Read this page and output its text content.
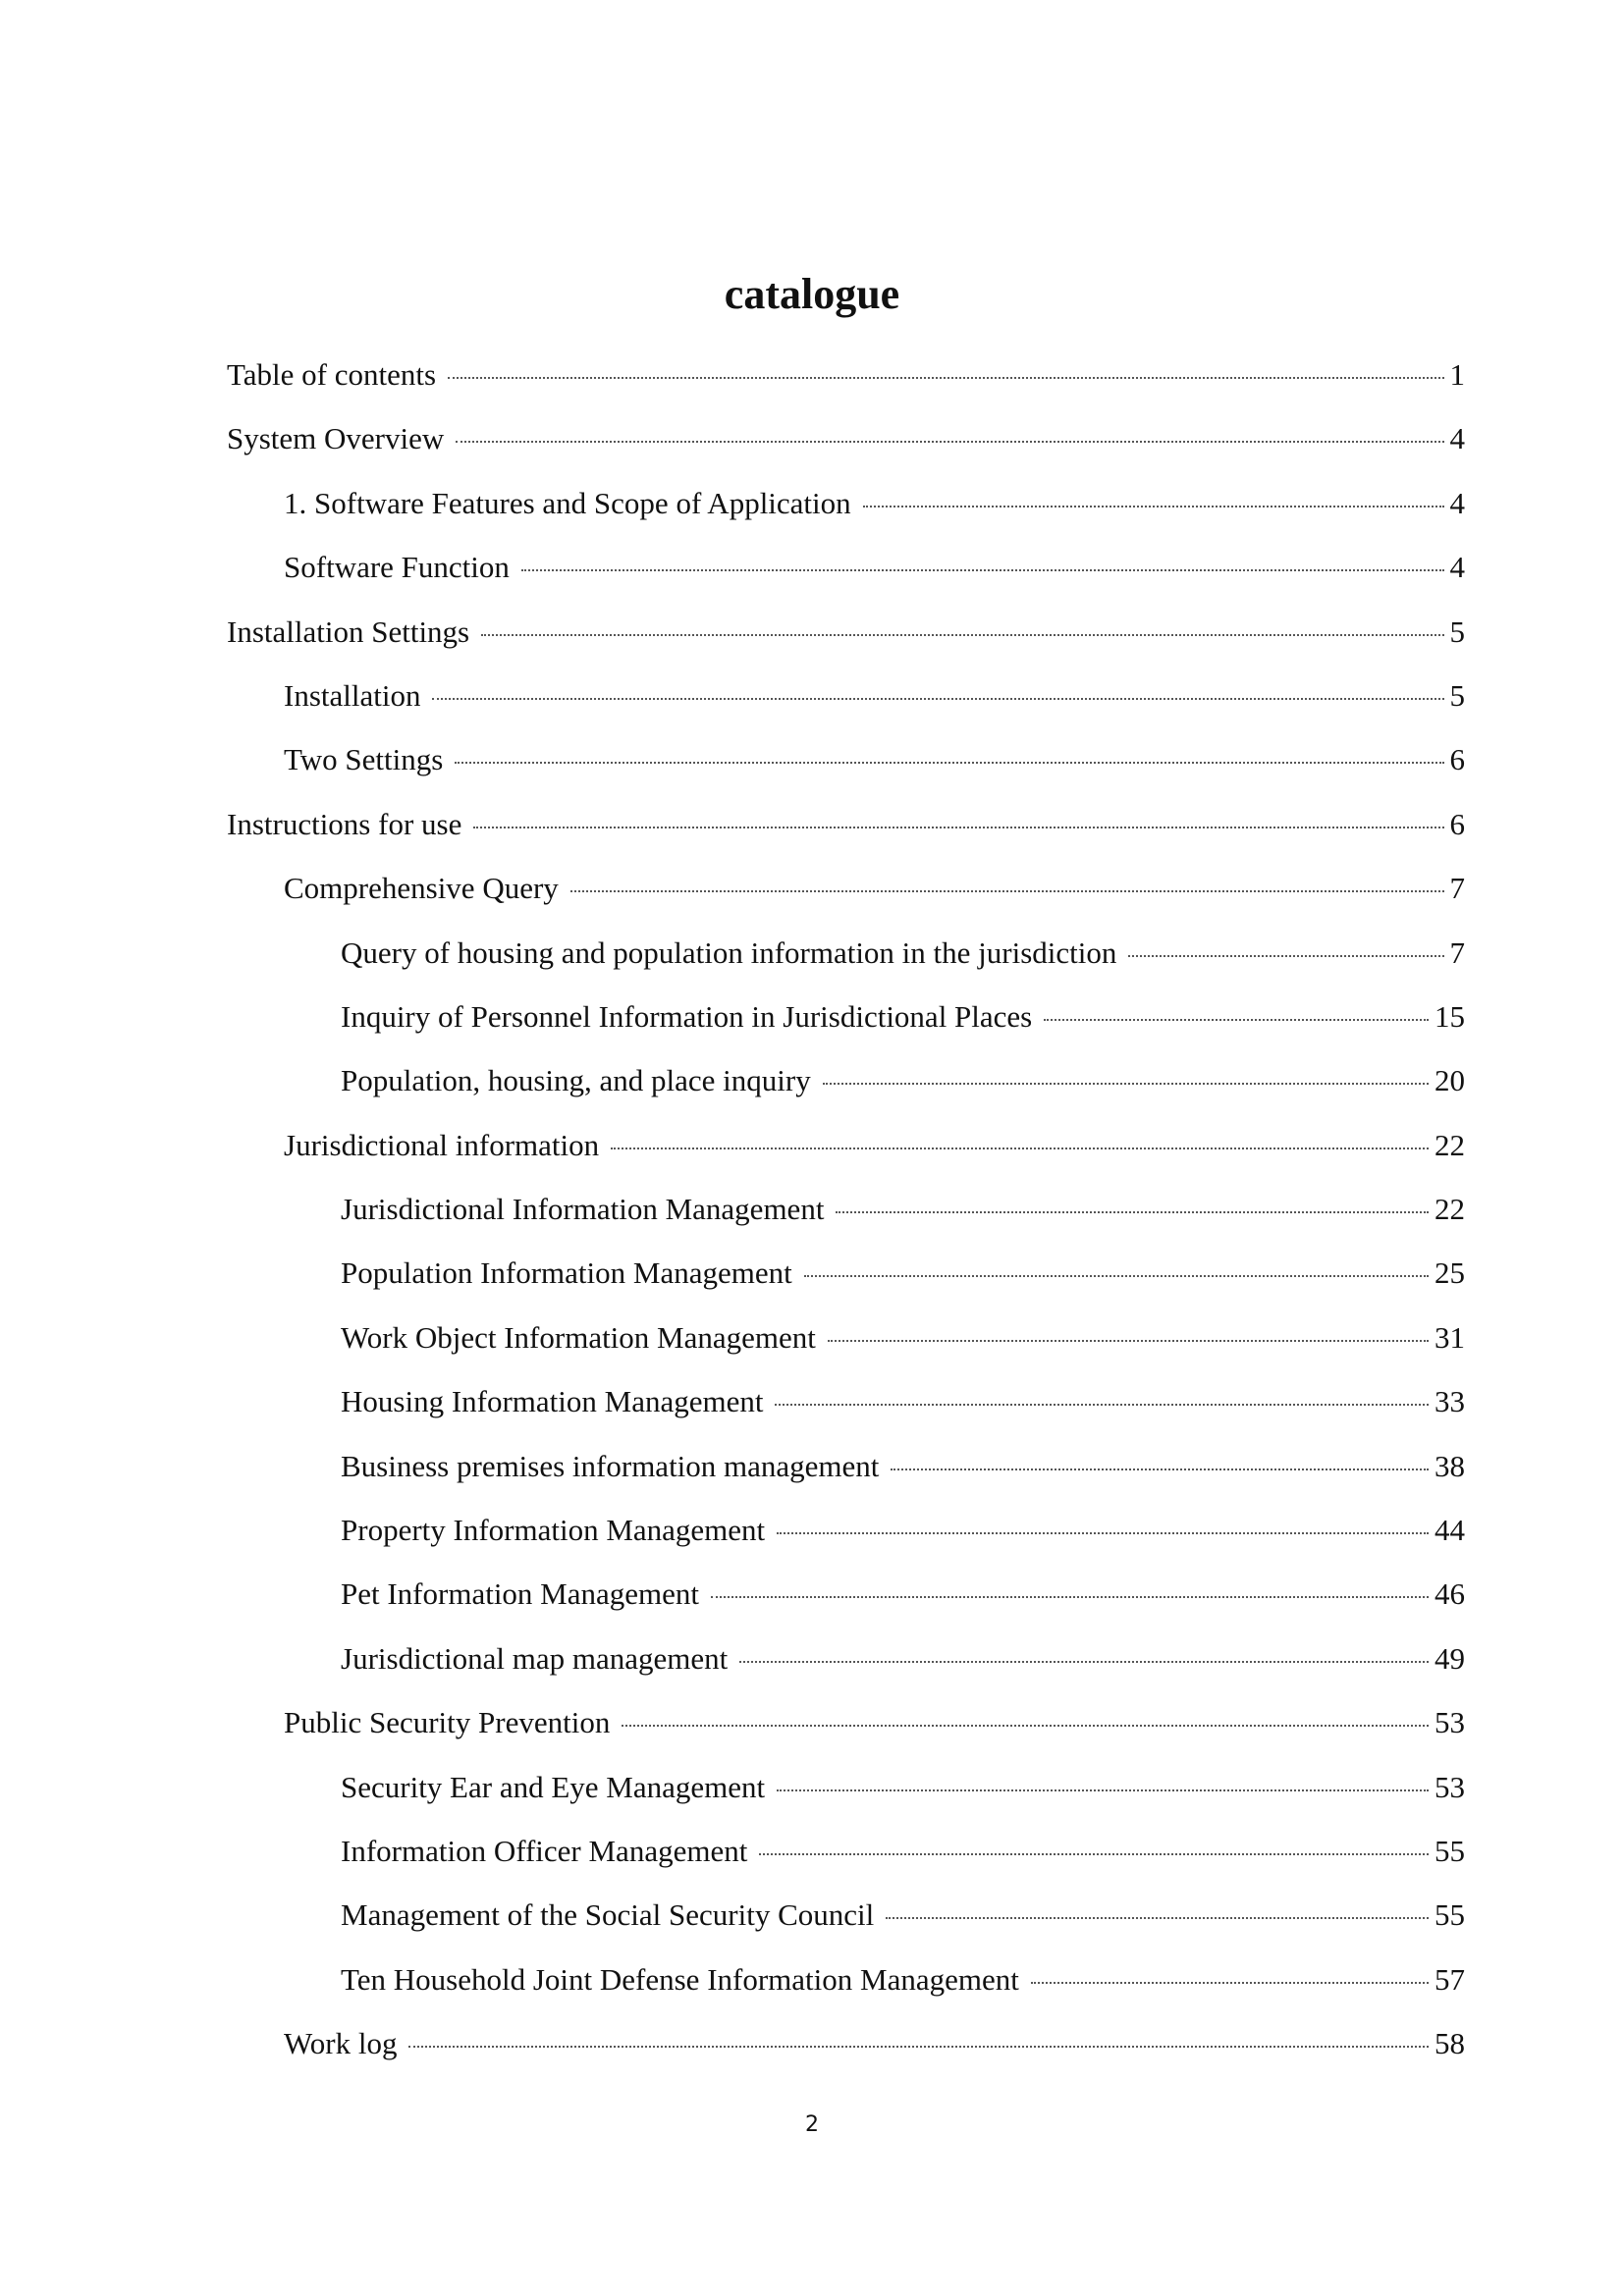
catalogue
Table of contents	1
System Overview	4
1. Software Features and Scope of Application	4
Software Function	4
Installation Settings	5
Installation	5
Two Settings	6
Instructions for use	6
Comprehensive Query	7
Query of housing and population information in the jurisdiction	7
Inquiry of Personnel Information in Jurisdictional Places	15
Population, housing, and place inquiry	20
Jurisdictional information	22
Jurisdictional Information Management	22
Population Information Management	25
Work Object Information Management	31
Housing Information Management	33
Business premises information management	38
Property Information Management	44
Pet Information Management	46
Jurisdictional map management	49
Public Security Prevention	53
Security Ear and Eye Management	53
Information Officer Management	55
Management of the Social Security Council	55
Ten Household Joint Defense Information Management	57
Work log	58
2
